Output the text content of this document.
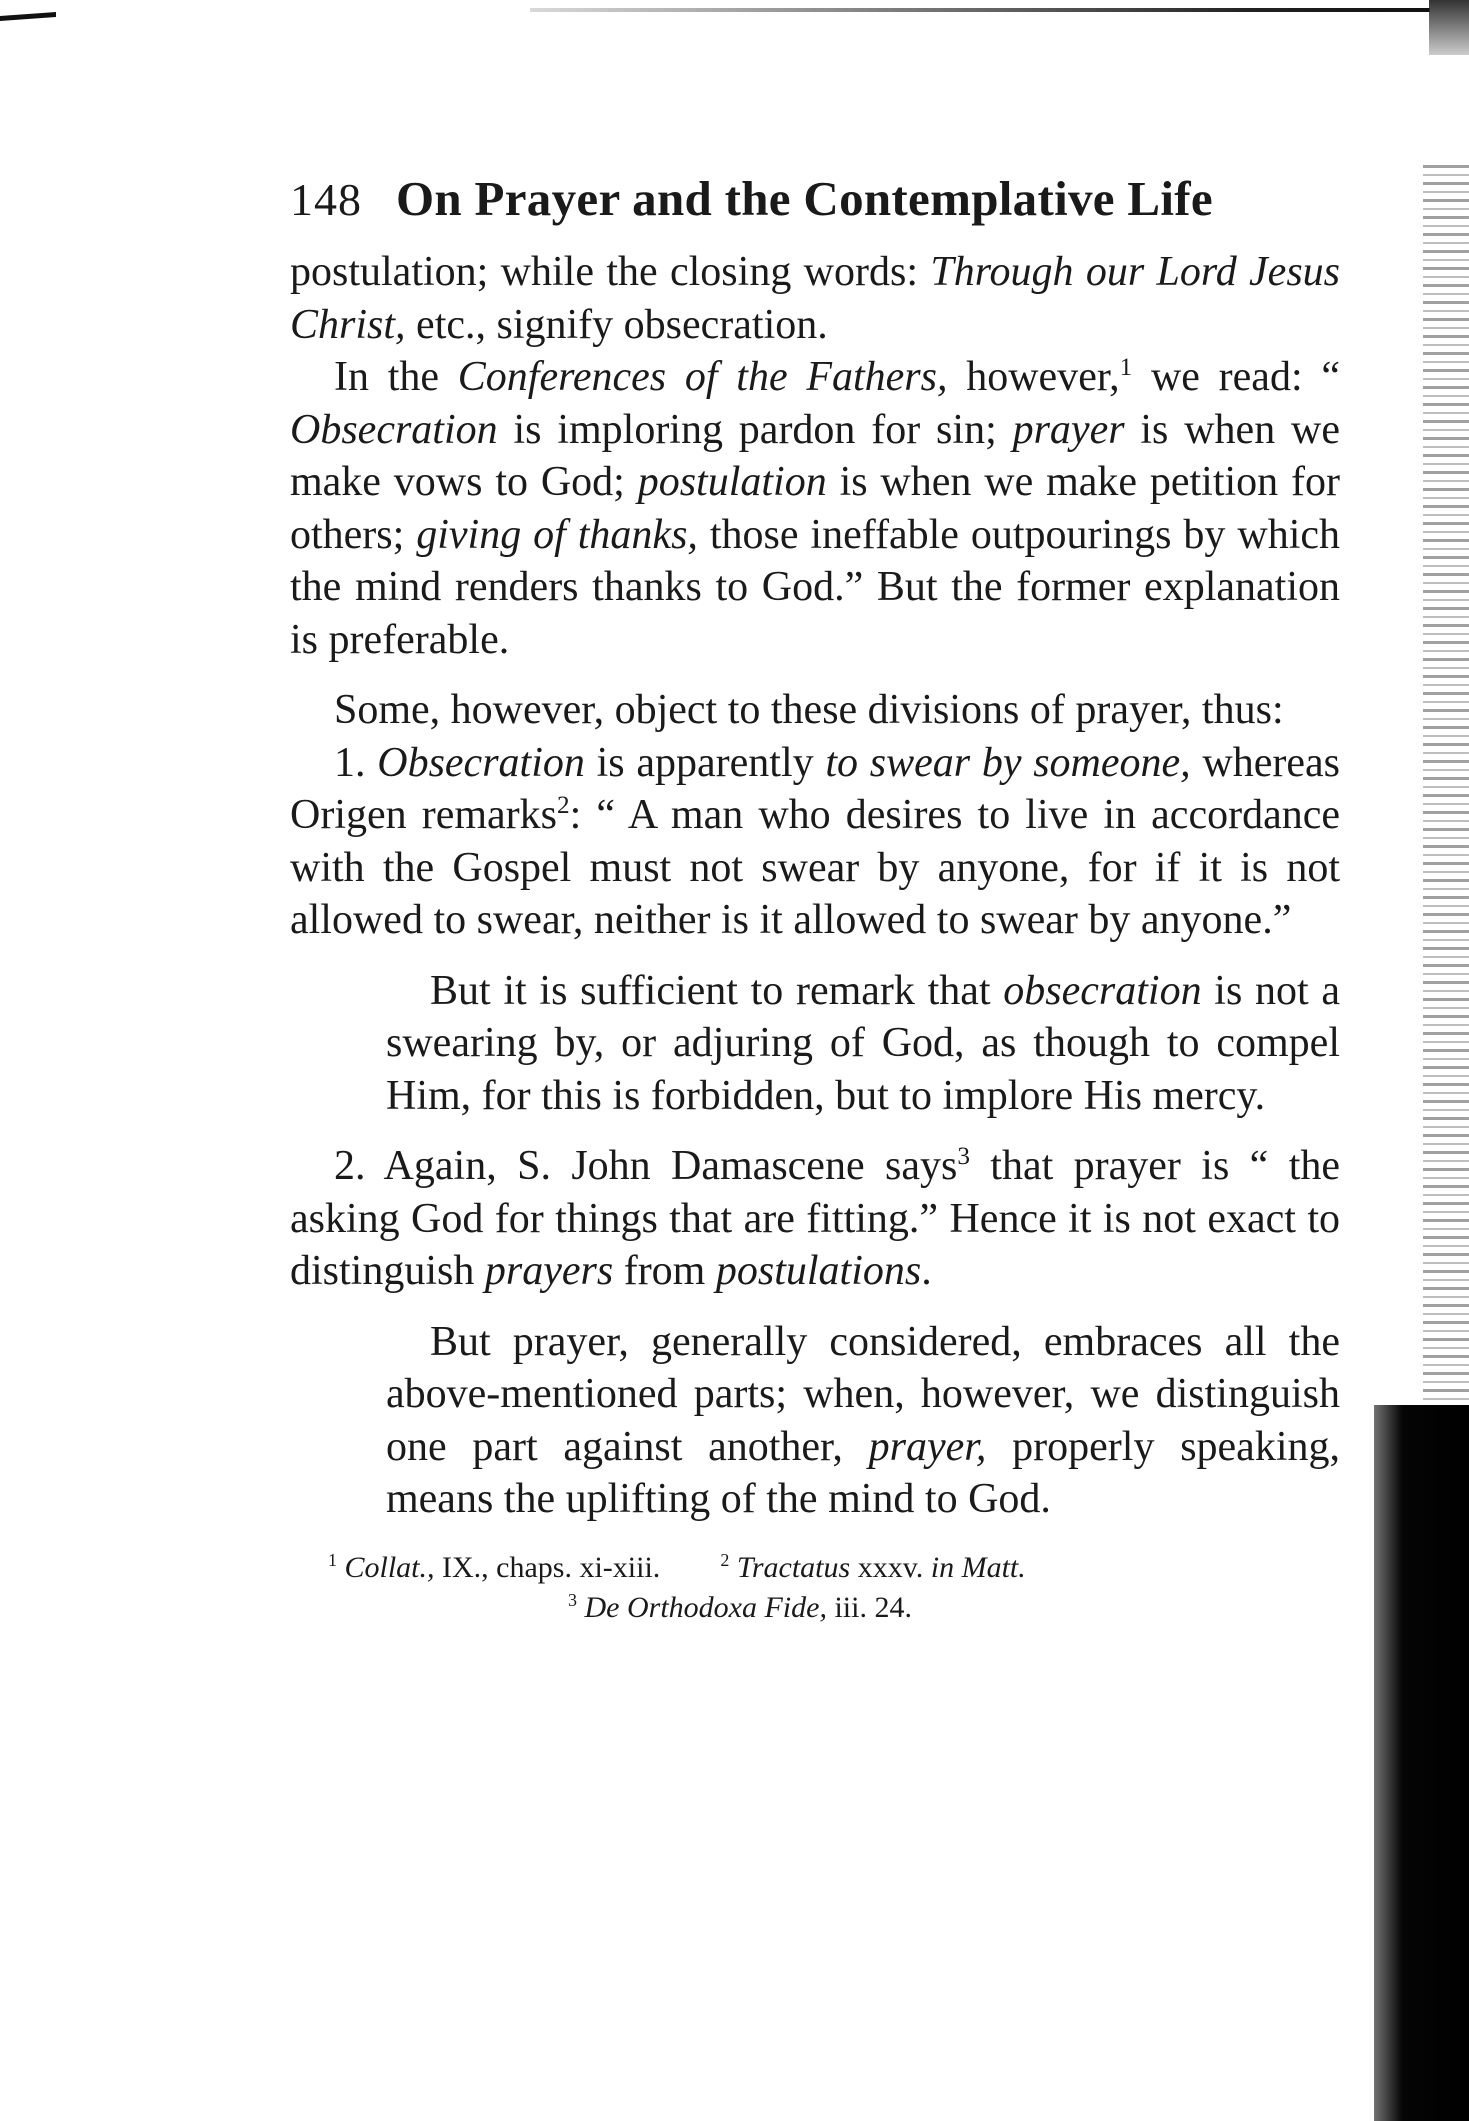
148 On Prayer and the Contemplative Life

postulation; while the closing words: Through our Lord Jesus Christ, etc., signify obsecration.

In the Conferences of the Fathers, however,$^1$ we read: “ Obsecration is imploring pardon for sin; prayer is when we make vows to God; postulation is when we make petition for others; giving of thanks, those ineffable outpourings by which the mind renders thanks to God.” But the former explanation is preferable.

Some, however, object to these divisions of prayer, thus:

1. Obsecration is apparently to swear by someone, whereas Origen remarks$^2$: “ A man who desires to live in accordance with the Gospel must not swear by anyone, for if it is not allowed to swear, neither is it allowed to swear by anyone.”

But it is sufficient to remark that obsecration is not a swearing by, or adjuring of God, as though to compel Him, for this is forbidden, but to implore His mercy.

2. Again, S. John Damascene says$^3$ that prayer is “ the asking God for things that are fitting.” Hence it is not exact to distinguish prayers from postulations.

But prayer, generally considered, embraces all the above-mentioned parts; when, however, we distinguish one part against another, prayer, properly speaking, means the uplifting of the mind to God.

$^1$ Collat., IX., chaps. xi-xiii.	$^2$ Tractatus xxxv. in Matt.
$^3$ De Orthodoxa Fide, iii. 24.
